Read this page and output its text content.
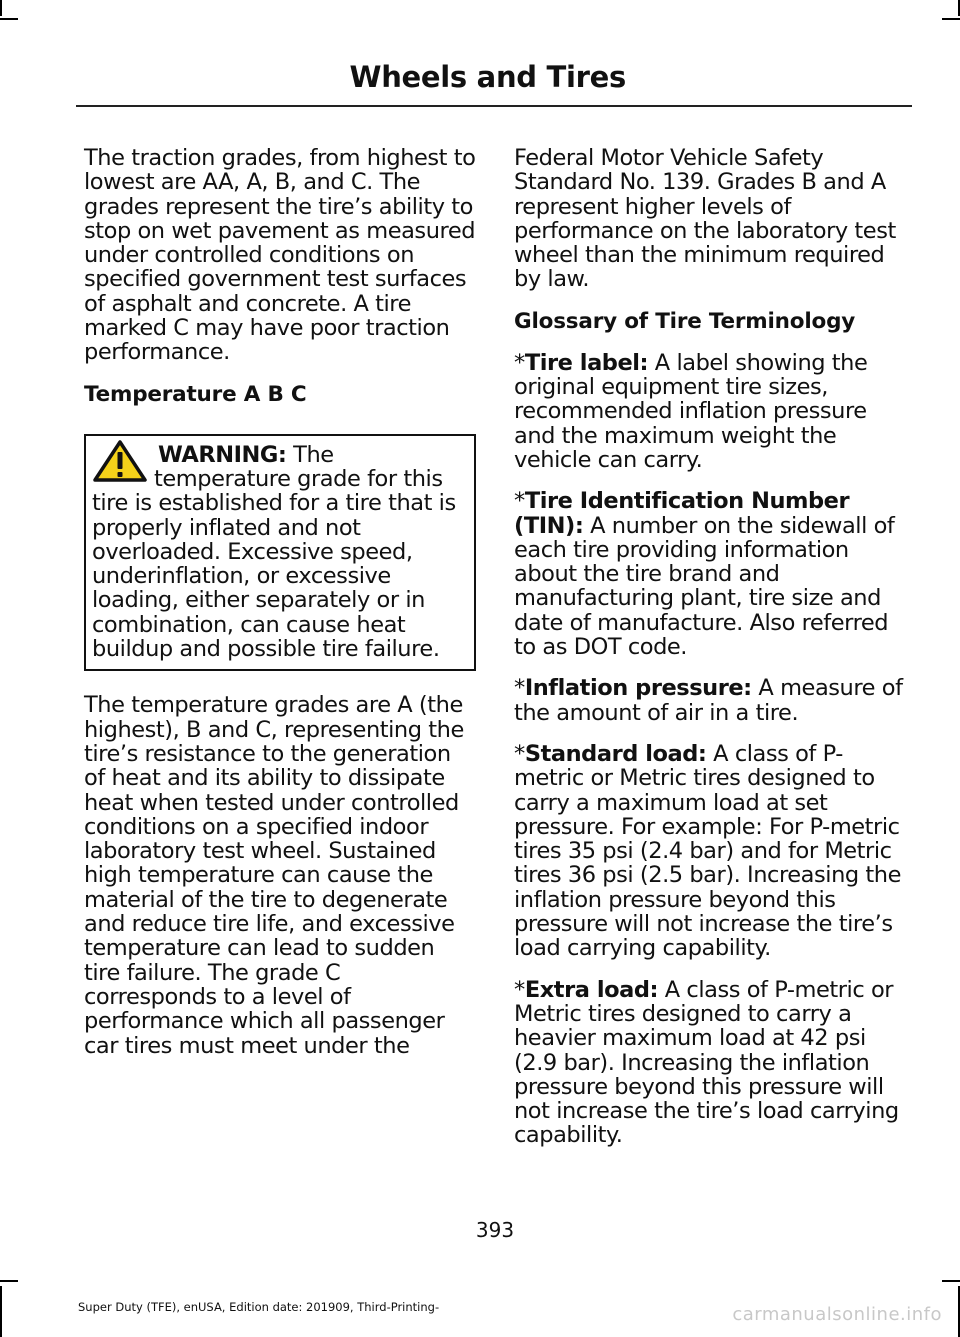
Wheels and Tires

The traction grades, from highest to lowest are AA, A, B, and C. The grades represent the tire’s ability to stop on wet pavement as measured under controlled conditions on specified government test surfaces of asphalt and concrete. A tire marked C may have poor traction performance.

Temperature A B C
WARNING: The temperature grade for this tire is established for a tire that is properly inflated and not overloaded. Excessive speed, underinflation, or excessive loading, either separately or in combination, can cause heat buildup and possible tire failure.

The temperature grades are A (the highest), B and C, representing the tire’s resistance to the generation of heat and its ability to dissipate heat when tested under controlled conditions on a specified indoor laboratory test wheel. Sustained high temperature can cause the material of the tire to degenerate and reduce tire life, and excessive temperature can lead to sudden tire failure. The grade C corresponds to a level of performance which all passenger car tires must meet under the

Federal Motor Vehicle Safety Standard No. 139. Grades B and A represent higher levels of performance on the laboratory test wheel than the minimum required by law.

Glossary of Tire Terminology

*Tire label: A label showing the original equipment tire sizes, recommended inflation pressure and the maximum weight the vehicle can carry.

*Tire Identification Number (TIN): A number on the sidewall of each tire providing information about the tire brand and manufacturing plant, tire size and date of manufacture. Also referred to as DOT code.

*Inflation pressure: A measure of the amount of air in a tire.

*Standard load: A class of P-metric or Metric tires designed to carry a maximum load at set pressure. For example: For P-metric tires 35 psi (2.4 bar) and for Metric tires 36 psi (2.5 bar). Increasing the inflation pressure beyond this pressure will not increase the tire’s load carrying capability.

*Extra load: A class of P-metric or Metric tires designed to carry a heavier maximum load at 42 psi (2.9 bar). Increasing the inflation pressure beyond this pressure will not increase the tire’s load carrying capability.

393
Super Duty (TFE), enUSA, Edition date: 201909, Third-Printing-	carmanualsonline.info
